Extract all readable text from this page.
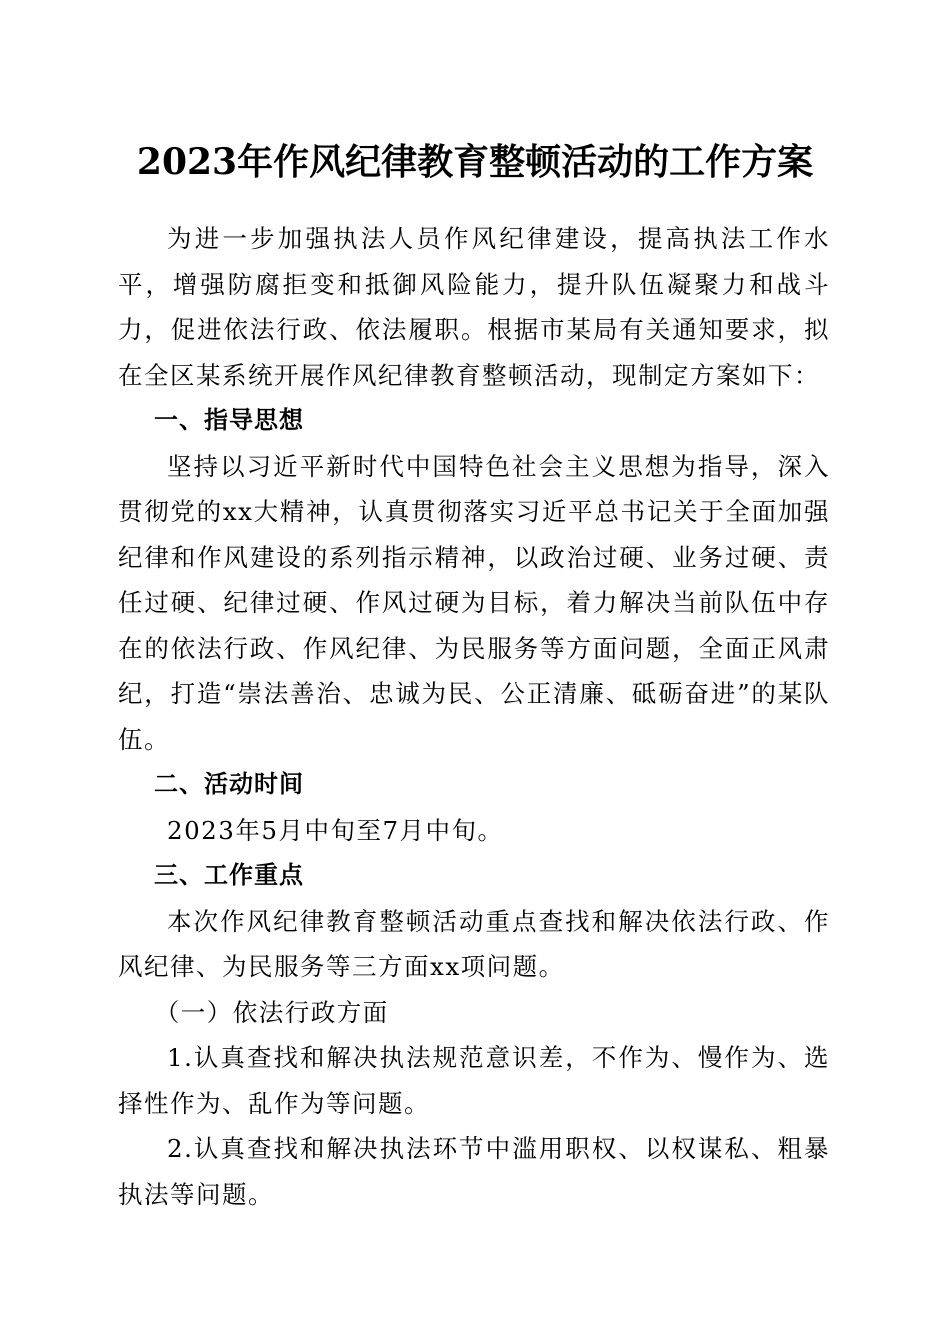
2023年作风纪律教育整顿活动的工作方案

为进一步加强执法人员作风纪律建设，提高执法工作水平，增强防腐拒变和抵御风险能力，提升队伍凝聚力和战斗力，促进依法行政、依法履职。根据市某局有关通知要求，拟在全区某系统开展作风纪律教育整顿活动，现制定方案如下：

一、指导思想

坚持以习近平新时代中国特色社会主义思想为指导，深入贯彻党的xx大精神，认真贯彻落实习近平总书记关于全面加强纪律和作风建设的系列指示精神，以政治过硬、业务过硬、责任过硬、纪律过硬、作风过硬为目标，着力解决当前队伍中存在的依法行政、作风纪律、为民服务等方面问题，全面正风肃纪，打造“崇法善治、忠诚为民、公正清廉、砥砺奋进”的某队伍。

二、活动时间

2023年5月中旬至7月中旬。

三、工作重点

本次作风纪律教育整顿活动重点查找和解决依法行政、作风纪律、为民服务等三方面xx项问题。

（一）依法行政方面

1.认真查找和解决执法规范意识差，不作为、慢作为、选择性作为、乱作为等问题。

2.认真查找和解决执法环节中滥用职权、以权谋私、粗暴执法等问题。
